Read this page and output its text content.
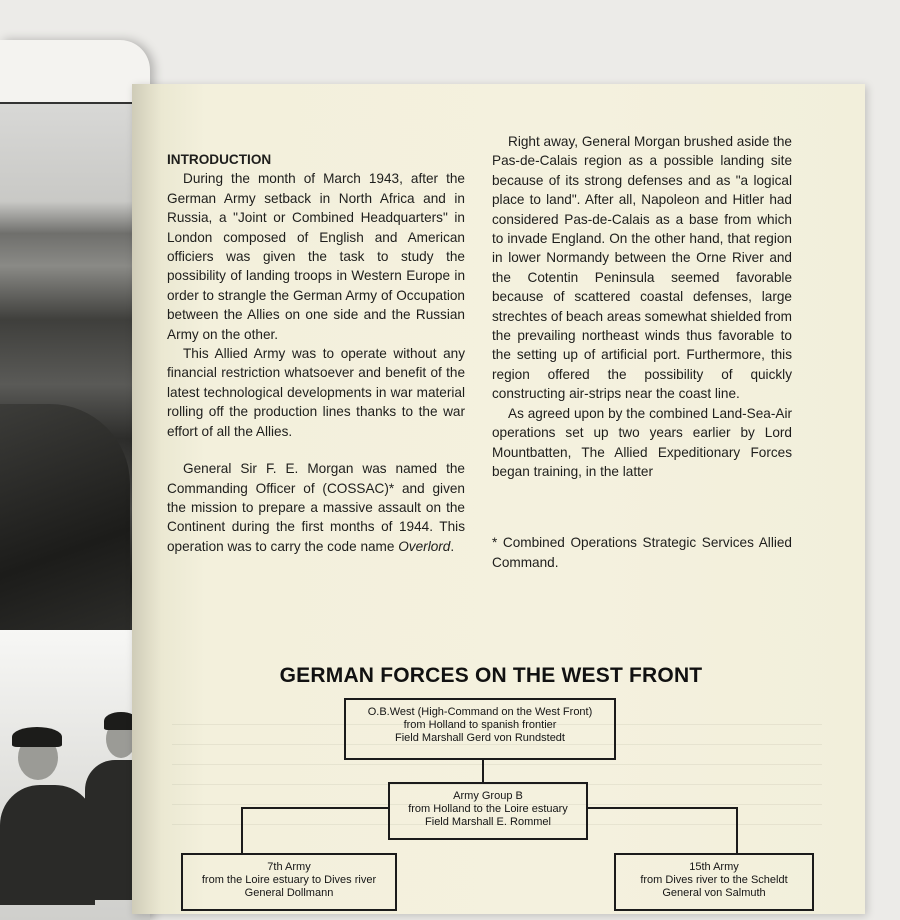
INTRODUCTION

During the month of March 1943, after the German Army setback in North Africa and in Russia, a "Joint or Combined Headquarters" in London composed of English and American officiers was given the task to study the possibility of landing troops in Western Europe in order to strangle the German Army of Occupation between the Allies on one side and the Russian Army on the other.

This Allied Army was to operate without any financial restriction whatsoever and benefit of the latest technological developments in war material rolling off the production lines thanks to the war effort of all the Allies.

General Sir F. E. Morgan was named the Commanding Officer of (COSSAC)* and given the mission to prepare a massive assault on the Continent during the first months of 1944. This operation was to carry the code name Overlord.

Right away, General Morgan brushed aside the Pas-de-Calais region as a possible landing site because of its strong defenses and as "a logical place to land". After all, Napoleon and Hitler had considered Pas-de-Calais as a base from which to invade England. On the other hand, that region in lower Normandy between the Orne River and the Cotentin Peninsula seemed favorable because of scattered coastal defenses, large strechtes of beach areas somewhat shielded from the prevailing northeast winds thus favorable to the setting up of artificial port. Furthermore, this region offered the possibility of quickly constructing air-strips near the coast line.

As agreed upon by the combined Land-Sea-Air operations set up two years earlier by Lord Mountbatten, The Allied Expeditionary Forces began training, in the latter

* Combined Operations Strategic Services Allied Command.

GERMAN FORCES ON THE WEST FRONT
O.B.West (High-Command on the West Front)
from Holland to spanish frontier
Field Marshall Gerd von Rundstedt
Army Group B
from Holland to the Loire estuary
Field Marshall E. Rommel
7th Army
from the Loire estuary to Dives river
General Dollmann
15th Army
from Dives river to the Scheldt
General von Salmuth
